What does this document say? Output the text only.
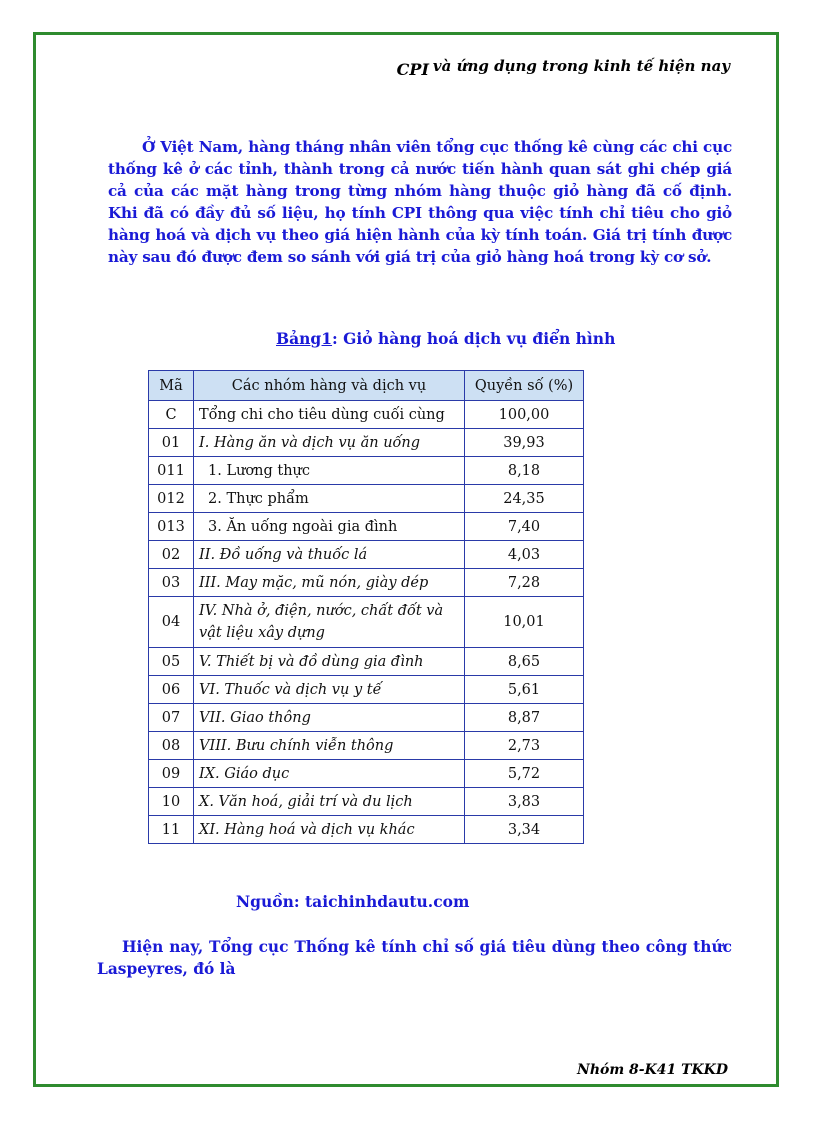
CPI và ứng dụng trong kinh tế hiện nay

Ở Việt Nam, hàng tháng nhân viên tổng cục thống kê cùng các chi cục thống kê ở các tỉnh, thành trong cả nước tiến hành quan sát ghi chép giá cả của các mặt hàng trong từng nhóm hàng thuộc giỏ hàng đã cố định. Khi đã có đầy đủ số liệu, họ tính CPI thông qua việc tính chỉ tiêu cho giỏ hàng hoá và dịch vụ theo giá hiện hành của kỳ tính toán. Giá trị tính được này sau đó được đem so sánh với giá trị của giỏ hàng hoá trong kỳ cơ sở.

Bảng1: Giỏ hàng hoá dịch vụ điển hình
Mã	Các nhóm hàng và dịch vụ	Quyền số (%)
C	Tổng chi cho tiêu dùng cuối cùng	100,00
01	I. Hàng ăn và dịch vụ ăn uống	39,93
011	1. Lương thực	8,18
012	2. Thực phẩm	24,35
013	3. Ăn uống ngoài gia đình	7,40
02	II. Đồ uống và thuốc lá	4,03
03	III. May mặc, mũ nón, giày dép	7,28
04	IV. Nhà ở, điện, nước, chất đốt và vật liệu xây dựng	10,01
05	V. Thiết bị và đồ dùng gia đình	8,65
06	VI. Thuốc và dịch vụ y tế	5,61
07	VII. Giao thông	8,87
08	VIII. Bưu chính viễn thông	2,73
09	IX. Giáo dục	5,72
10	X. Văn hoá, giải trí và du lịch	3,83
11	XI. Hàng hoá và dịch vụ khác	3,34
Nguồn: taichinhdautu.com

Hiện nay, Tổng cục Thống kê tính chỉ số giá tiêu dùng theo công thức Laspeyres, đó là

Nhóm 8-K41 TKKD
